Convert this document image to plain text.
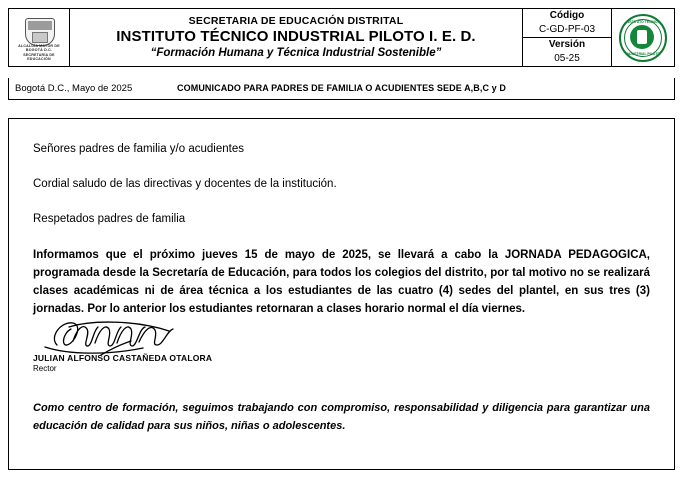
ALCALDÍA MAYOR DE BOGOTÁ D.C. SECRETARÍA DE EDUCACIÓN

SECRETARIA DE EDUCACIÓN DISTRITAL
INSTITUTO TÉCNICO INDUSTRIAL PILOTO I. E. D.
“Formación Humana y Técnica Industrial Sostenible”

Código
C-GD-PF-03
Versión
05-25

INSTITUTO TÉCNICO
INDUSTRIAL PILOTO
Bogotá D.C., Mayo de 2025	COMUNICADO PARA PADRES DE FAMILIA O ACUDIENTES SEDE A,B,C y D

Señores padres de familia y/o acudientes

Cordial saludo de las directivas y docentes de la institución.

Respetados padres de familia

Informamos que el próximo jueves 15 de mayo de 2025, se llevará a cabo la JORNADA PEDAGOGICA, programada desde la Secretaría de Educación, para todos los colegios del distrito, por tal motivo no se realizará clases académicas ni de área técnica a los estudiantes de las cuatro (4) sedes del plantel, en sus tres (3) jornadas. Por lo anterior los estudiantes retornaran a clases horario normal el día viernes.

JULIAN ALFONSO CASTAÑEDA OTALORA
Rector
Como centro de formación, seguimos trabajando con compromiso, responsabilidad y diligencia para garantizar una educación de calidad para sus niños, niñas o adolescentes.
